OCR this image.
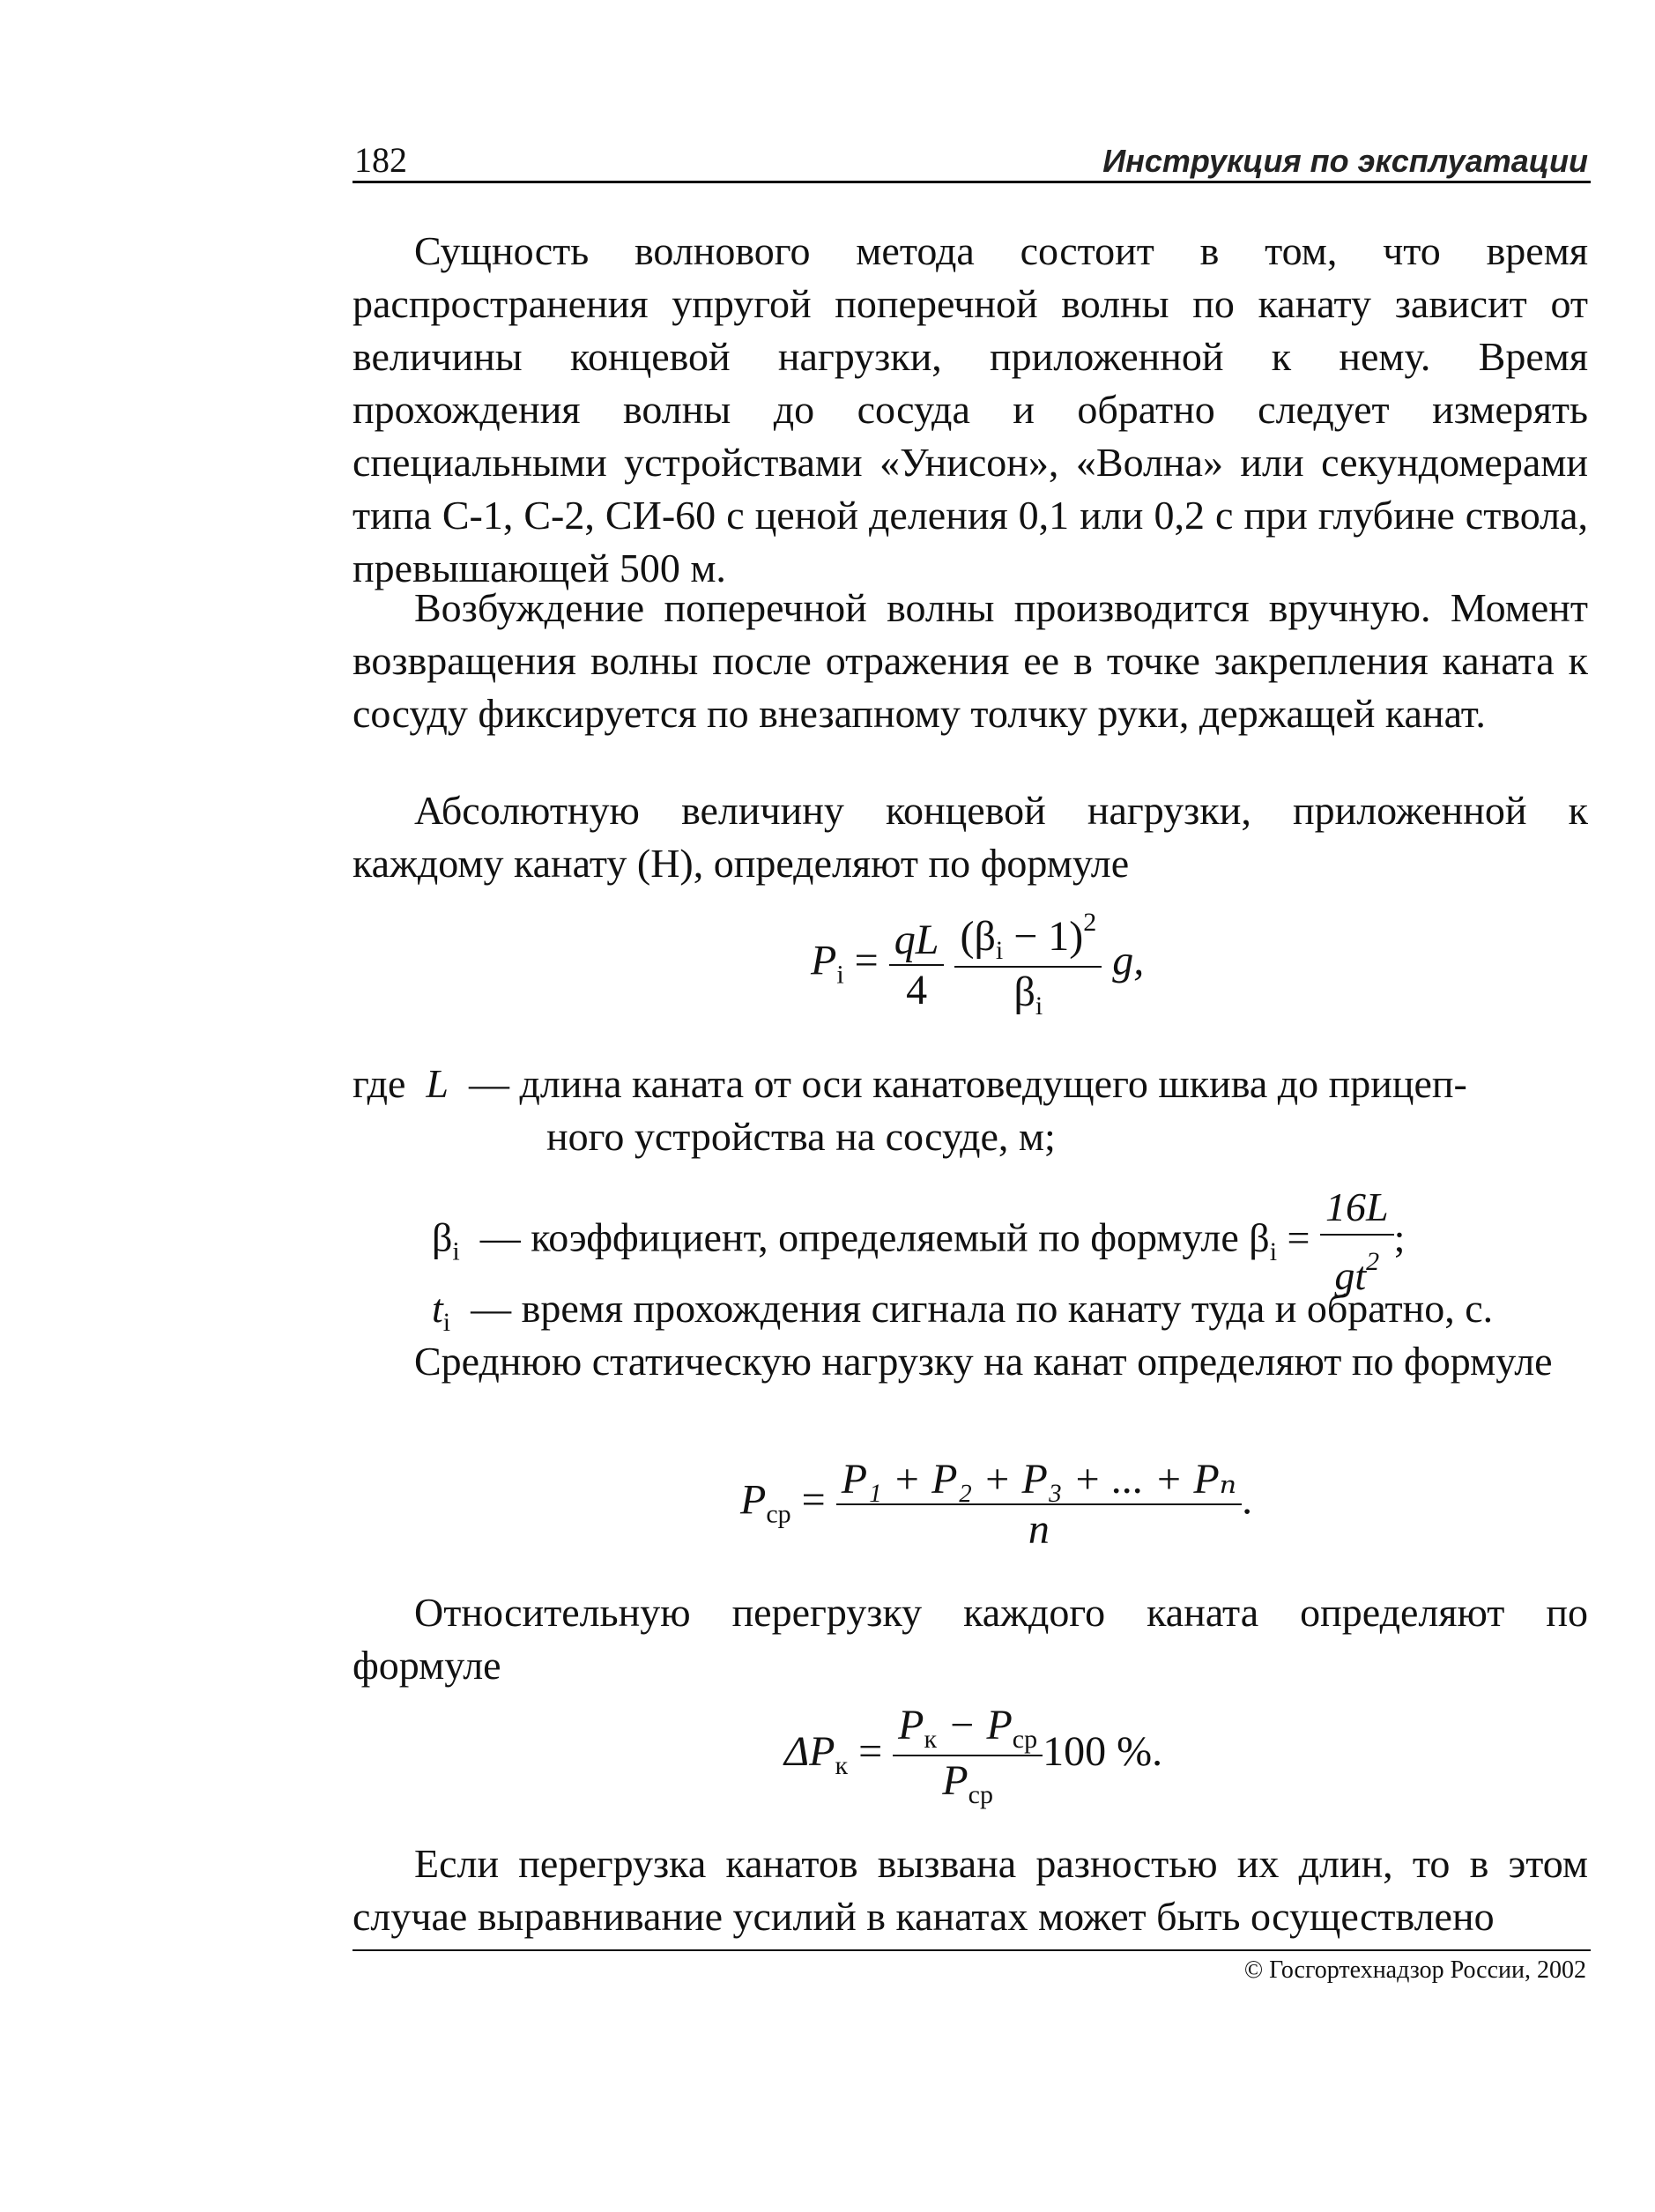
182	Инструкция по эксплуатации
Сущность волнового метода состоит в том, что время распространения упругой поперечной волны по канату зависит от величины концевой нагрузки, приложенной к нему. Время прохождения волны до сосуда и обратно следует измерять специальными устройствами «Унисон», «Волна» или секундомерами типа С-1, С-2, СИ-60 с ценой деления 0,1 или 0,2 с при глубине ствола, превышающей 500 м.
Возбуждение поперечной волны производится вручную. Момент возвращения волны после отражения ее в точке закрепления каната к сосуду фиксируется по внезапному толчку руки, держащей канат.
Абсолютную величину концевой нагрузки, приложенной к каждому канату (Н), определяют по формуле
$P_i = \frac{qL}{4}$
$\frac{(\beta_i - 1)^2}{\beta_i} g$,
где L — длина каната от оси канатоведущего шкива до прицеп-
ного устройства на сосуде, м;
$\beta_i$ — коэффициент, определяемый по формуле $\beta_i = \frac{16L}{gt^2}$ ;
$t_i$ — время прохождения сигнала по канату туда и обратно, с.
Среднюю статическую нагрузку на канат определяют по формуле
$P_{ср} = \frac{\text{P₁ + P₂ + P₃ + ... + Pₙ}}{n}$ .
Относительную перегрузку каждого каната определяют по формуле
$\Delta P_к = \frac{P_к - P_{ср}}{P_{ср}} 100$ %.
Если перегрузка канатов вызвана разностью их длин, то в этом случае выравнивание усилий в канатах может быть осуществлено
© Госгортехнадзор России, 2002
